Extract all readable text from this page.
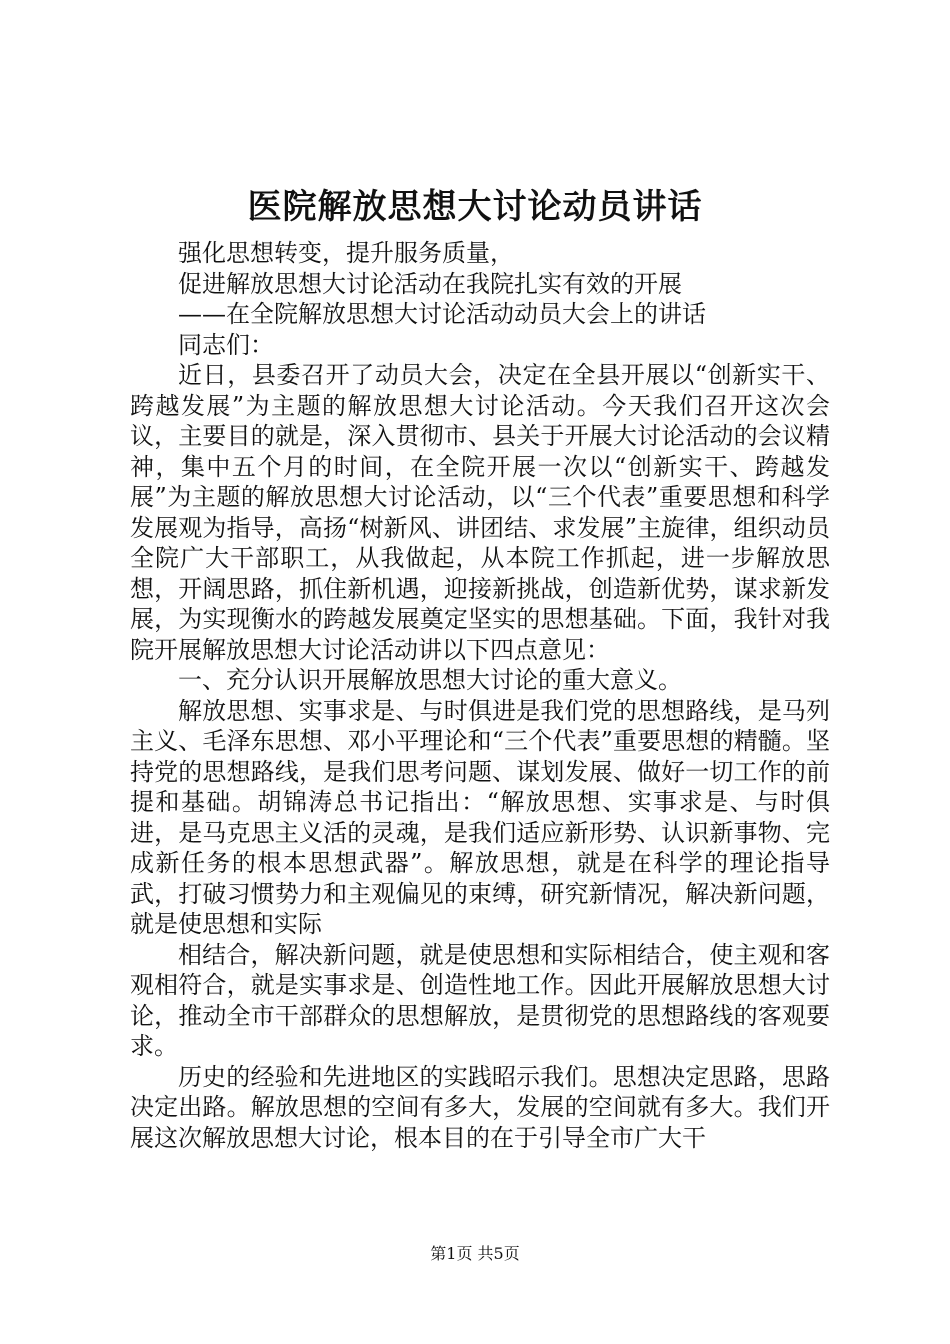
医院解放思想大讨论动员讲话

强化思想转变，提升服务质量，

促进解放思想大讨论活动在我院扎实有效的开展

——在全院解放思想大讨论活动动员大会上的讲话

同志们：

近日，县委召开了动员大会，决定在全县开展以“创新实干、跨越发展”为主题的解放思想大讨论活动。今天我们召开这次会议，主要目的就是，深入贯彻市、县关于开展大讨论活动的会议精神，集中五个月的时间，在全院开展一次以“创新实干、跨越发展”为主题的解放思想大讨论活动，以“三个代表”重要思想和科学发展观为指导，高扬“树新风、讲团结、求发展”主旋律，组织动员全院广大干部职工，从我做起，从本院工作抓起，进一步解放思想，开阔思路，抓住新机遇，迎接新挑战，创造新优势，谋求新发展，为实现衡水的跨越发展奠定坚实的思想基础。下面，我针对我院开展解放思想大讨论活动讲以下四点意见：

一、充分认识开展解放思想大讨论的重大意义。

解放思想、实事求是、与时俱进是我们党的思想路线，是马列主义、毛泽东思想、邓小平理论和“三个代表”重要思想的精髓。坚持党的思想路线，是我们思考问题、谋划发展、做好一切工作的前提和基础。胡锦涛总书记指出：“解放思想、实事求是、与时俱进，是马克思主义活的灵魂，是我们适应新形势、认识新事物、完成新任务的根本思想武器”。解放思想，就是在科学的理论指导武，打破习惯势力和主观偏见的束缚，研究新情况，解决新问题，就是使思想和实际

相结合，解决新问题，就是使思想和实际相结合，使主观和客观相符合，就是实事求是、创造性地工作。因此开展解放思想大讨论，推动全市干部群众的思想解放，是贯彻党的思想路线的客观要求。

历史的经验和先进地区的实践昭示我们。思想决定思路，思路决定出路。解放思想的空间有多大，发展的空间就有多大。我们开展这次解放思想大讨论，根本目的在于引导全市广大干

第1页 共5页
